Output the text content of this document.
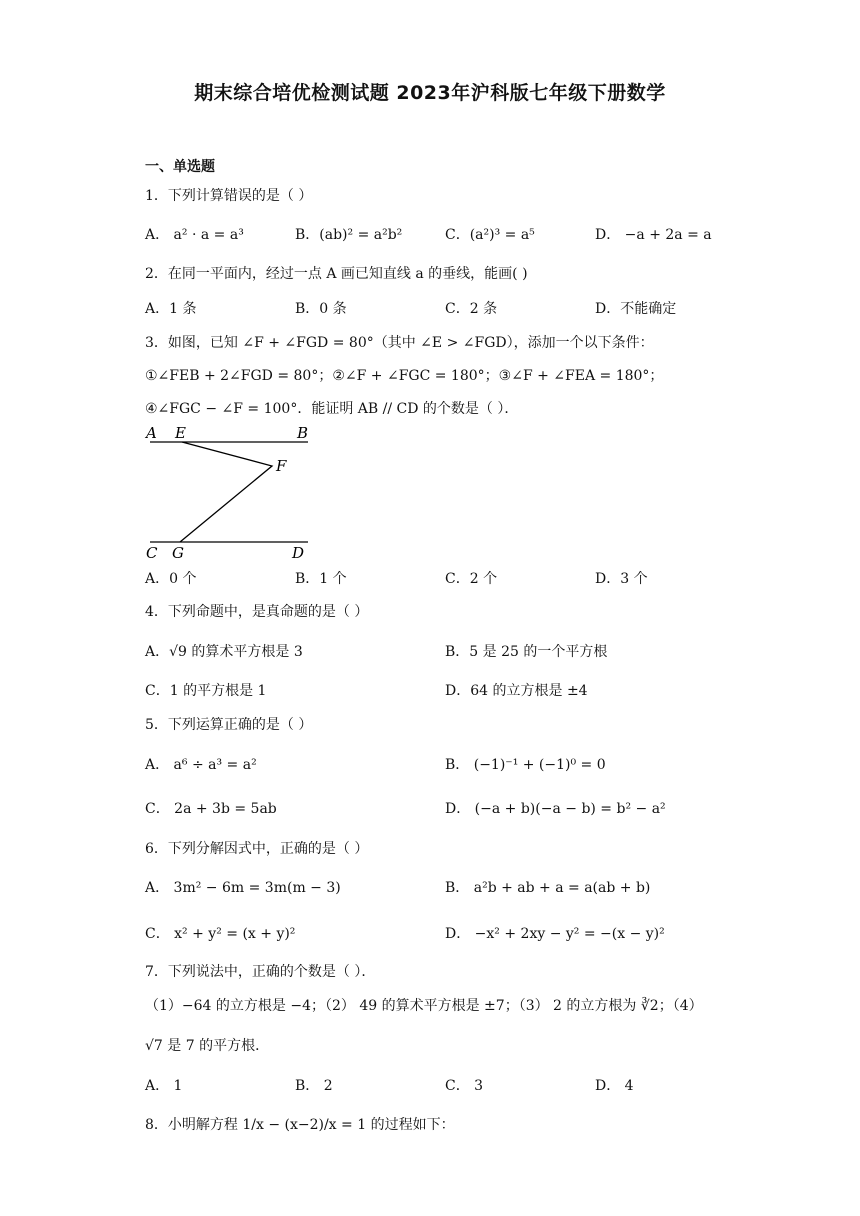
期末综合培优检测试题 2023年沪科版七年级下册数学
一、单选题
1．下列计算错误的是（ ）
A． a² · a = a³	B．(ab)² = a²b²	C．(a²)³ = a⁵	D． −a + 2a = a
2．在同一平面内，经过一点 A 画已知直线 a 的垂线，能画( )
A．1 条	B．0 条	C．2 条	D．不能确定
3．如图，已知 ∠F + ∠FGD = 80°（其中 ∠E > ∠FGD），添加一个以下条件：
①∠FEB + 2∠FGD = 80°；②∠F + ∠FGC = 180°；③∠F + ∠FEA = 180°；
④∠FGC − ∠F = 100°．能证明 AB // CD 的个数是（ ）．
A．0 个	B．1 个	C．2 个	D．3 个
4．下列命题中，是真命题的是（ ）
A．√9 的算术平方根是 3	B．5 是 25 的一个平方根
C．1 的平方根是 1	D．64 的立方根是 ±4
5．下列运算正确的是（ ）
A． a⁶ ÷ a³ = a²	B． (−1)⁻¹ + (−1)⁰ = 0
C． 2a + 3b = 5ab	D． (−a + b)(−a − b) = b² − a²
6．下列分解因式中，正确的是（ ）
A． 3m² − 6m = 3m(m − 3)	B． a²b + ab + a = a(ab + b)
C． x² + y² = (x + y)²	D． −x² + 2xy − y² = −(x − y)²
7．下列说法中，正确的个数是（ ）．
（1）−64 的立方根是 −4；（2） 49 的算术平方根是 ±7；（3） 2 的立方根为 ∛2；（4）
√7 是 7 的平方根．
A． 1	B． 2	C． 3	D． 4
8．小明解方程 1/x − (x−2)/x = 1 的过程如下：
A E	B
F
C G	D
